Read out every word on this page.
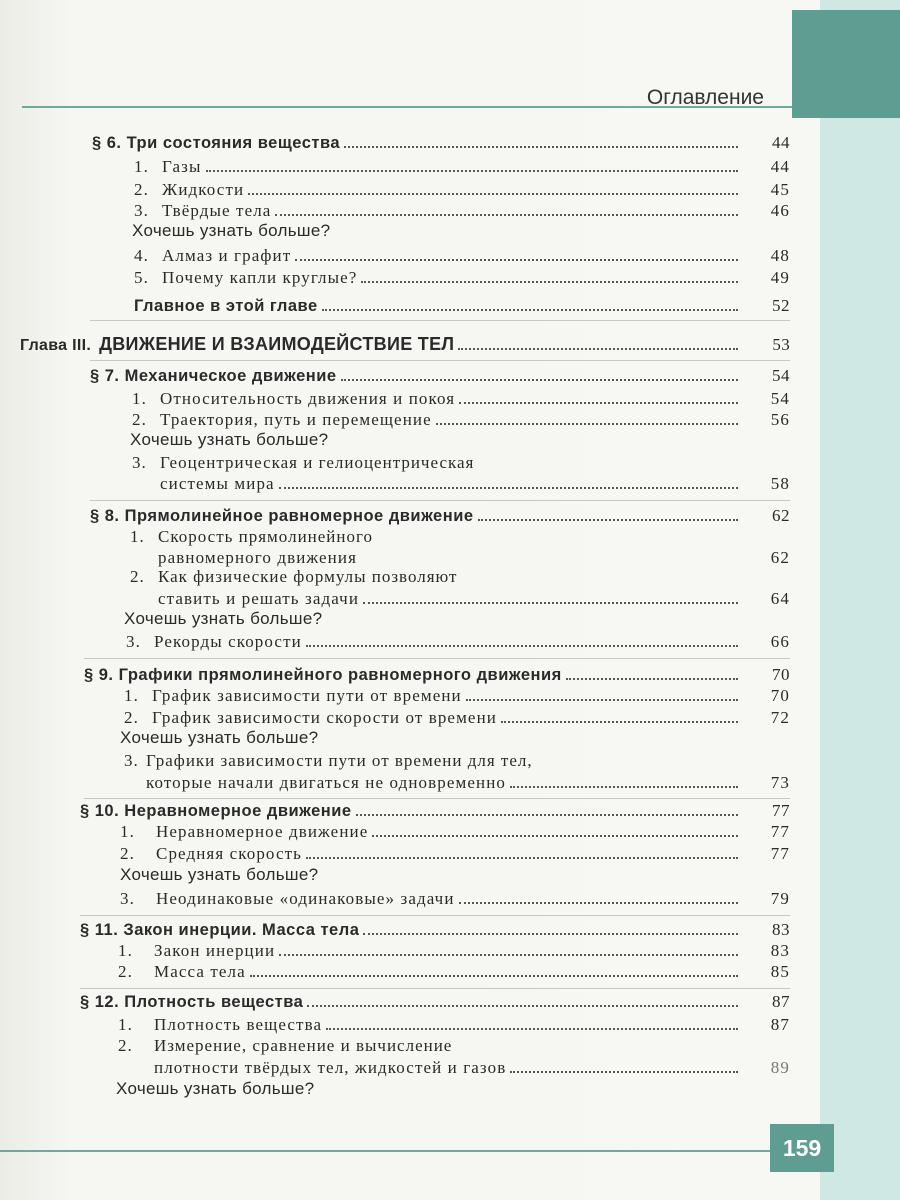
Оглавление
§ 6. Три состояния вещества	44
1. Газы	44
2. Жидкости	45
3. Твёрдые тела	46
Хочешь узнать больше?
4. Алмаз и графит	48
5. Почему капли круглые?	49
Главное в этой главе	52
Глава III. ДВИЖЕНИЕ И ВЗАИМОДЕЙСТВИЕ ТЕЛ	53
§ 7. Механическое движение	54
1. Относительность движения и покоя	54
2. Траектория, путь и перемещение	56
Хочешь узнать больше?
3. Геоцентрическая и гелиоцентрическая
системы мира	58
§ 8. Прямолинейное равномерное движение	62
1. Скорость прямолинейного
равномерного движения	62
2. Как физические формулы позволяют
ставить и решать задачи	64
Хочешь узнать больше?
3. Рекорды скорости	66
§ 9. Графики прямолинейного равномерного движения	70
1. График зависимости пути от времени	70
2. График зависимости скорости от времени	72
Хочешь узнать больше?
3. Графики зависимости пути от времени для тел,
которые начали двигаться не одновременно	73
§ 10. Неравномерное движение	77
1.	Неравномерное движение	77
2.	Средняя скорость	77
Хочешь узнать больше?
3.	Неодинаковые «одинаковые» задачи	79
§ 11. Закон инерции. Масса тела	83
1.	Закон инерции	83
2.	Масса тела	85
§ 12. Плотность вещества	87
1.	Плотность вещества	87
2. Измерение, сравнение и вычисление
плотности твёрдых тел, жидкостей и газов	89
Хочешь узнать больше?
159
